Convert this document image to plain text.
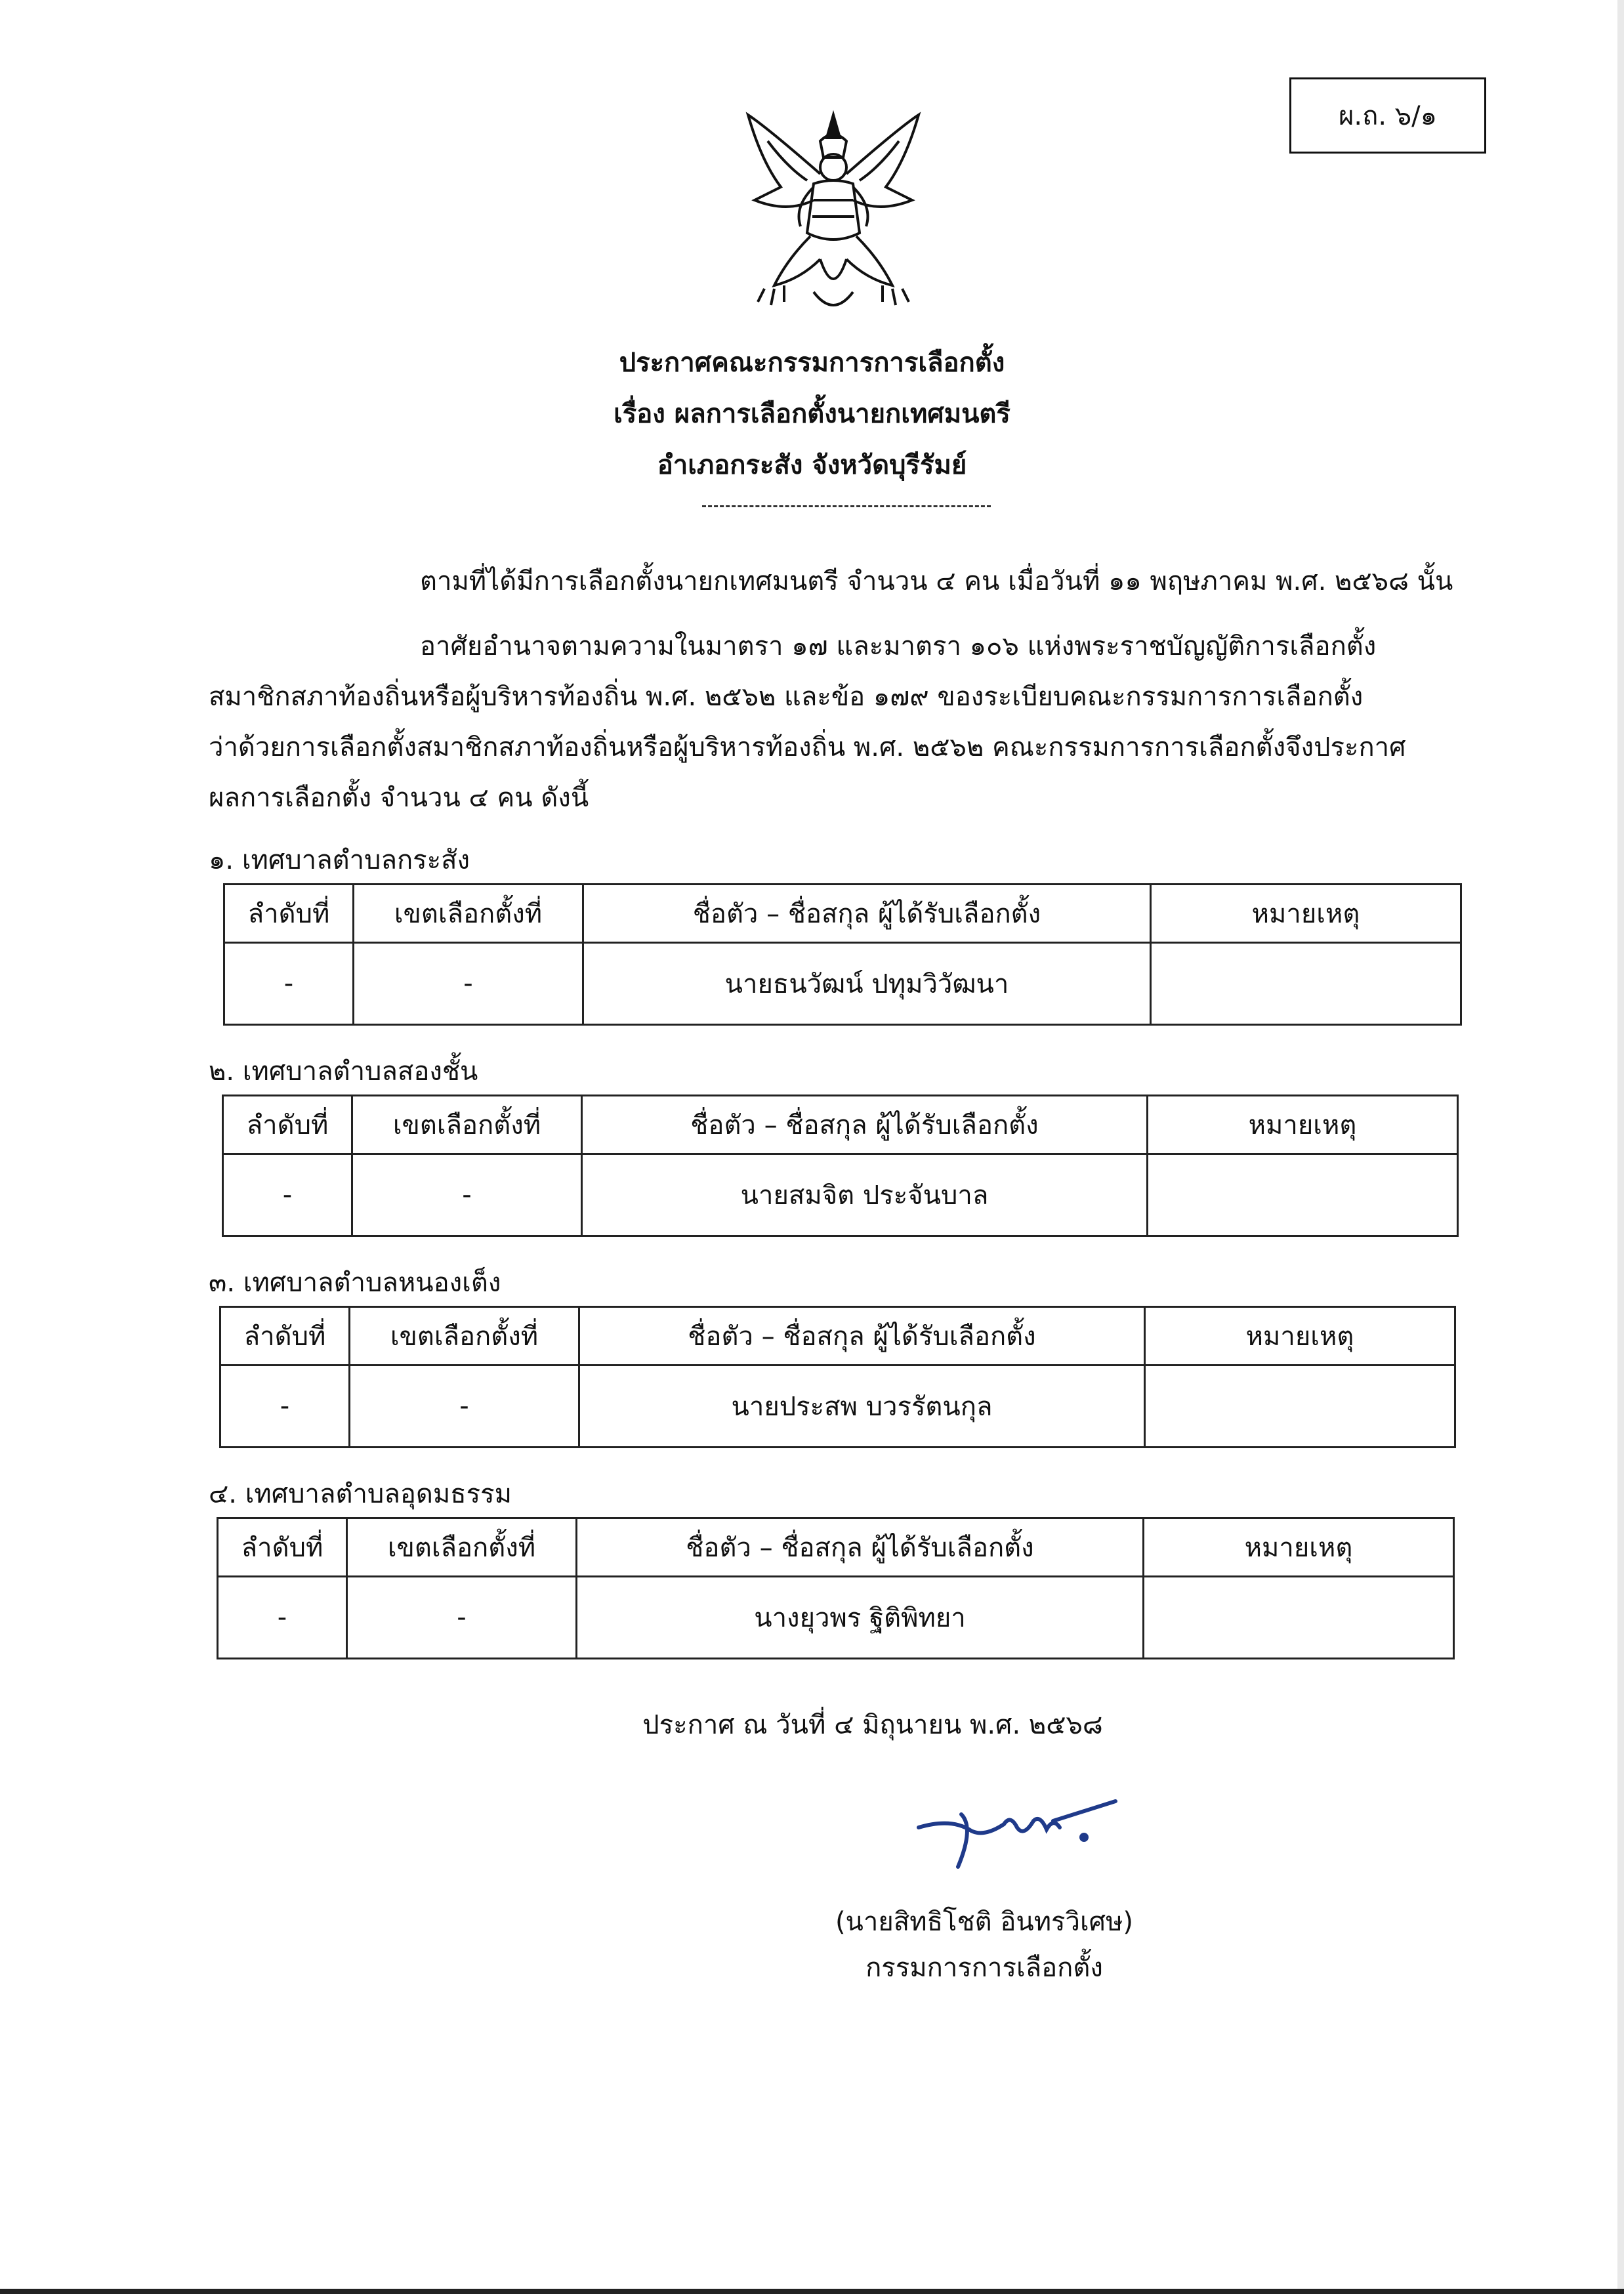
ผ.ถ. ๖/๑
ประกาศคณะกรรมการการเลือกตั้ง
เรื่อง ผลการเลือกตั้งนายกเทศมนตรี
อำเภอกระสัง จังหวัดบุรีรัมย์
ตามที่ได้มีการเลือกตั้งนายกเทศมนตรี จำนวน ๔ คน เมื่อวันที่ ๑๑ พฤษภาคม พ.ศ. ๒๕๖๘ นั้น
อาศัยอำนาจตามความในมาตรา ๑๗ และมาตรา ๑๐๖ แห่งพระราชบัญญัติการเลือกตั้ง
สมาชิกสภาท้องถิ่นหรือผู้บริหารท้องถิ่น พ.ศ. ๒๕๖๒ และข้อ ๑๗๙ ของระเบียบคณะกรรมการการเลือกตั้ง
ว่าด้วยการเลือกตั้งสมาชิกสภาท้องถิ่นหรือผู้บริหารท้องถิ่น พ.ศ. ๒๕๖๒ คณะกรรมการการเลือกตั้งจึงประกาศ
ผลการเลือกตั้ง จำนวน ๔ คน ดังนี้
๑. เทศบาลตำบลกระสัง
ลำดับที่	เขตเลือกตั้งที่	ชื่อตัว – ชื่อสกุล ผู้ได้รับเลือกตั้ง	หมายเหตุ
-	-	นายธนวัฒน์ ปทุมวิวัฒนา	
๒. เทศบาลตำบลสองชั้น
ลำดับที่	เขตเลือกตั้งที่	ชื่อตัว – ชื่อสกุล ผู้ได้รับเลือกตั้ง	หมายเหตุ
-	-	นายสมจิต ประจันบาล	
๓. เทศบาลตำบลหนองเต็ง
ลำดับที่	เขตเลือกตั้งที่	ชื่อตัว – ชื่อสกุล ผู้ได้รับเลือกตั้ง	หมายเหตุ
-	-	นายประสพ บวรรัตนกุล	
๔. เทศบาลตำบลอุดมธรรม
ลำดับที่	เขตเลือกตั้งที่	ชื่อตัว – ชื่อสกุล ผู้ได้รับเลือกตั้ง	หมายเหตุ
-	-	นางยุวพร ฐิติพิทยา	
ประกาศ ณ วันที่ ๔ มิถุนายน พ.ศ. ๒๕๖๘
(นายสิทธิโชติ อินทรวิเศษ)
กรรมการการเลือกตั้ง
